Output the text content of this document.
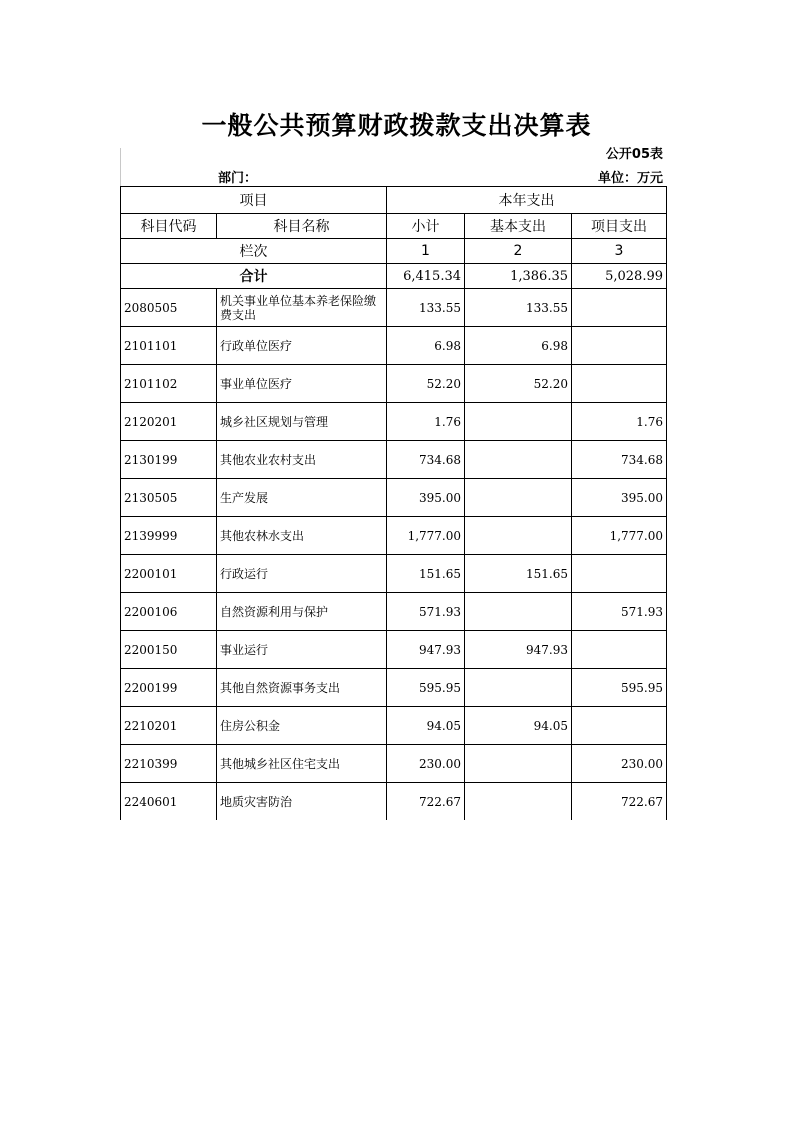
一般公共预算财政拨款支出决算表
公开05表
部门：	单位：万元
项目		本年支出		
科目代码	科目名称	小计	基本支出	项目支出
栏次		1	2	3
合计		6,415.34	1,386.35	5,028.99
2080505	机关事业单位基本养老保险缴费支出	133.55	133.55	
2101101	行政单位医疗	6.98	6.98	
2101102	事业单位医疗	52.20	52.20	
2120201	城乡社区规划与管理	1.76		1.76
2130199	其他农业农村支出	734.68		734.68
2130505	生产发展	395.00		395.00
2139999	其他农林水支出	1,777.00		1,777.00
2200101	行政运行	151.65	151.65	
2200106	自然资源利用与保护	571.93		571.93
2200150	事业运行	947.93	947.93	
2200199	其他自然资源事务支出	595.95		595.95
2210201	住房公积金	94.05	94.05	
2210399	其他城乡社区住宅支出	230.00		230.00
2240601	地质灾害防治	722.67		722.67
